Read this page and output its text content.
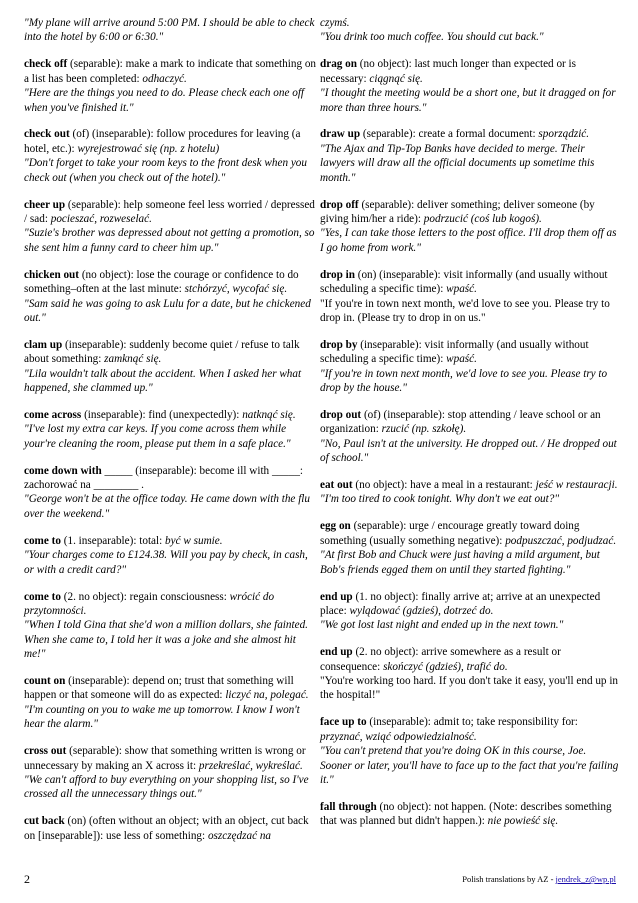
"My plane will arrive around 5:00 PM. I should be able to check into the hotel by 6:00 or 6:30."

check off (separable): make a mark to indicate that something on a list has been completed: odhaczyć.

"Here are the things you need to do. Please check each one off when you've finished it."

check out (of) (inseparable): follow procedures for leaving (a hotel, etc.): wyrejestrować się (np. z hotelu)

"Don't forget to take your room keys to the front desk when you check out (when you check out of the hotel)."

cheer up (separable): help someone feel less worried / depressed / sad: pocieszać, rozweselać.

"Suzie's brother was depressed about not getting a promotion, so she sent him a funny card to cheer him up."

chicken out (no object): lose the courage or confidence to do something–often at the last minute: stchórzyć, wycofać się.

"Sam said he was going to ask Lulu for a date, but he chickened out."

clam up (inseparable): suddenly become quiet / refuse to talk about something: zamknąć się.

"Lila wouldn't talk about the accident. When I asked her what happened, she clammed up."

come across (inseparable): find (unexpectedly): natknąć się.

"I've lost my extra car keys. If you come across them while your're cleaning the room, please put them in a safe place."

come down with _____ (inseparable): become ill with _____: zachorować na ________ .

"George won't be at the office today. He came down with the flu over the weekend."

come to (1. inseparable): total: być w sumie.

"Your charges come to £124.38. Will you pay by check, in cash, or with a credit card?"

come to (2. no object): regain consciousness: wrócić do przytomności.

"When I told Gina that she'd won a million dollars, she fainted. When she came to, I told her it was a joke and she almost hit me!"

count on (inseparable): depend on; trust that something will happen or that someone will do as expected: liczyć na, polegać.

"I'm counting on you to wake me up tomorrow. I know I won't hear the alarm."

cross out (separable): show that something written is wrong or unnecessary by making an X across it: przekreślać, wykreślać.

"We can't afford to buy everything on your shopping list, so I've crossed all the unnecessary things out."

cut back (on) (often without an object; with an object, cut back on [inseparable]): use less of something: oszczędzać na

czymś.

"You drink too much coffee. You should cut back."

drag on (no object): last much longer than expected or is necessary: ciągnąć się.

"I thought the meeting would be a short one, but it dragged on for more than three hours."

draw up (separable): create a formal document: sporządzić.

"The Ajax and Tip-Top Banks have decided to merge. Their lawyers will draw all the official documents up sometime this month."

drop off (separable): deliver something; deliver someone (by giving him/her a ride): podrzucić (coś lub kogoś).

"Yes, I can take those letters to the post office. I'll drop them off as I go home from work."

drop in (on) (inseparable): visit informally (and usually without scheduling a specific time): wpaść.

"If you're in town next month, we'd love to see you. Please try to drop in. (Please try to drop in on us."

drop by (inseparable): visit informally (and usually without scheduling a specific time): wpaść.

"If you're in town next month, we'd love to see you. Please try to drop by the house."

drop out (of) (inseparable): stop attending / leave school or an organization: rzucić (np. szkołę).

"No, Paul isn't at the university. He dropped out. / He dropped out of school."

eat out (no object): have a meal in a restaurant: jeść w restauracji.

"I'm too tired to cook tonight. Why don't we eat out?"

egg on (separable): urge / encourage greatly toward doing something (usually something negative): podpuszczać, podjudzać.

"At first Bob and Chuck were just having a mild argument, but Bob's friends egged them on until they started fighting."

end up (1. no object): finally arrive at; arrive at an unexpected place: wylądować (gdzieś), dotrzeć do.

"We got lost last night and ended up in the next town."

end up (2. no object): arrive somewhere as a result or consequence: skończyć (gdzieś), trafić do.

"You're working too hard. If you don't take it easy, you'll end up in the hospital!"

face up to (inseparable): admit to; take responsibility for: przyznać, wziąć odpowiedzialność.

"You can't pretend that you're doing OK in this course, Joe. Sooner or later, you'll have to face up to the fact that you're failing it."

fall through (no object): not happen. (Note: describes something that was planned but didn't happen.): nie powieść się.

2	Polish translations by AZ - jendrek_z@wp.pl
